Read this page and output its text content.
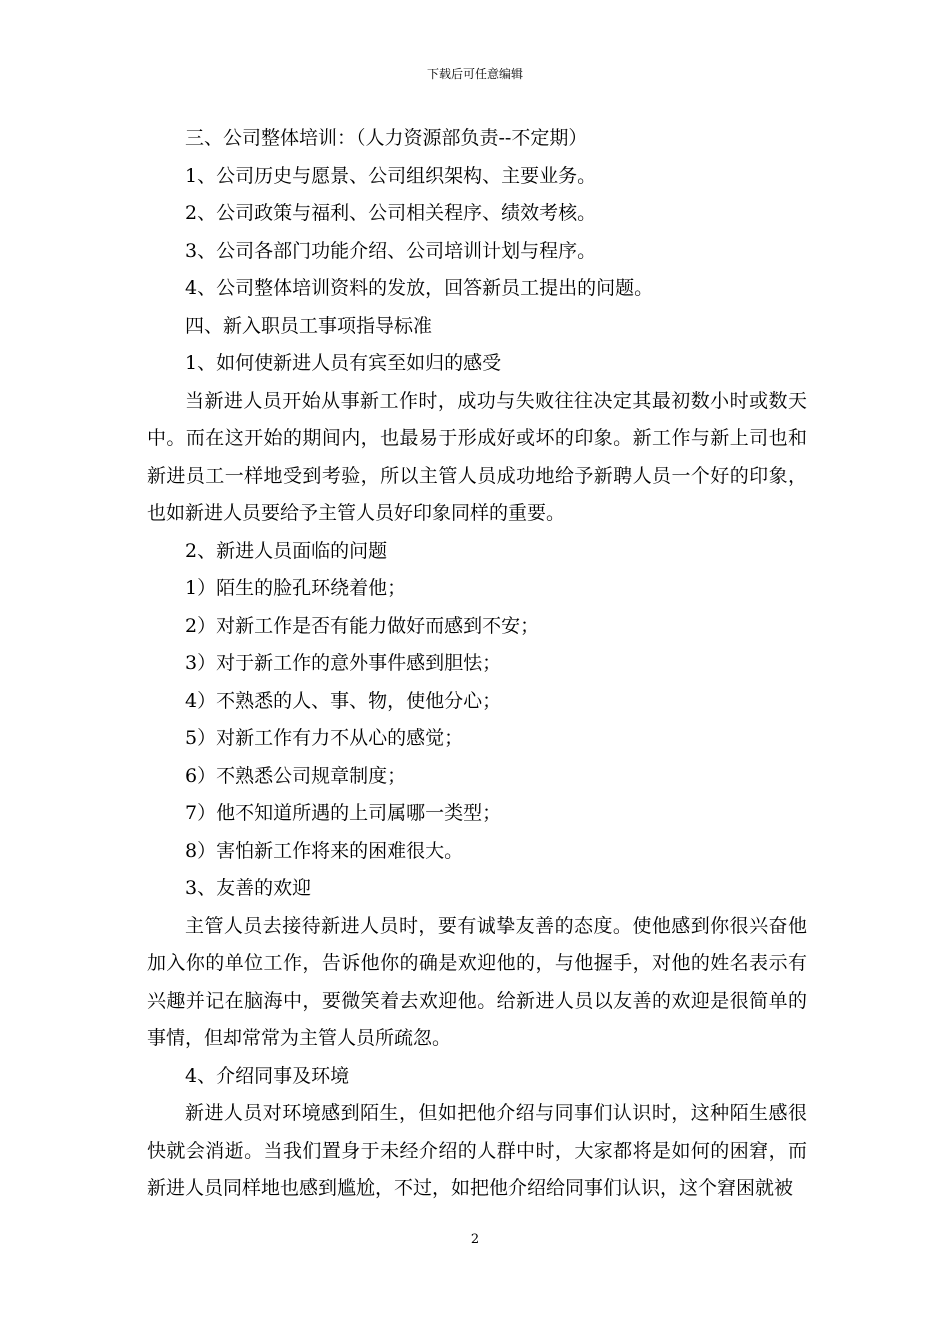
下载后可任意编辑

三、公司整体培训：（人力资源部负责--不定期）

1、公司历史与愿景、公司组织架构、主要业务。

2、公司政策与福利、公司相关程序、绩效考核。

3、公司各部门功能介绍、公司培训计划与程序。

4、公司整体培训资料的发放，回答新员工提出的问题。

四、新入职员工事项指导标准

1、如何使新进人员有宾至如归的感受

当新进人员开始从事新工作时，成功与失败往往决定其最初数小时或数天中。而在这开始的期间内，也最易于形成好或坏的印象。新工作与新上司也和新进员工一样地受到考验，所以主管人员成功地给予新聘人员一个好的印象，也如新进人员要给予主管人员好印象同样的重要。

2、新进人员面临的问题

1）陌生的脸孔环绕着他；

2）对新工作是否有能力做好而感到不安；

3）对于新工作的意外事件感到胆怯；

4）不熟悉的人、事、物，使他分心；

5）对新工作有力不从心的感觉；

6）不熟悉公司规章制度；

7）他不知道所遇的上司属哪一类型；

8）害怕新工作将来的困难很大。

3、友善的欢迎

主管人员去接待新进人员时，要有诚挚友善的态度。使他感到你很兴奋他加入你的单位工作，告诉他你的确是欢迎他的，与他握手，对他的姓名表示有兴趣并记在脑海中，要微笑着去欢迎他。给新进人员以友善的欢迎是很简单的事情，但却常常为主管人员所疏忽。

4、介绍同事及环境

新进人员对环境感到陌生，但如把他介绍与同事们认识时，这种陌生感很快就会消逝。当我们置身于未经介绍的人群中时，大家都将是如何的困窘，而新进人员同样地也感到尴尬，不过，如把他介绍给同事们认识，这个窘困就被

2
